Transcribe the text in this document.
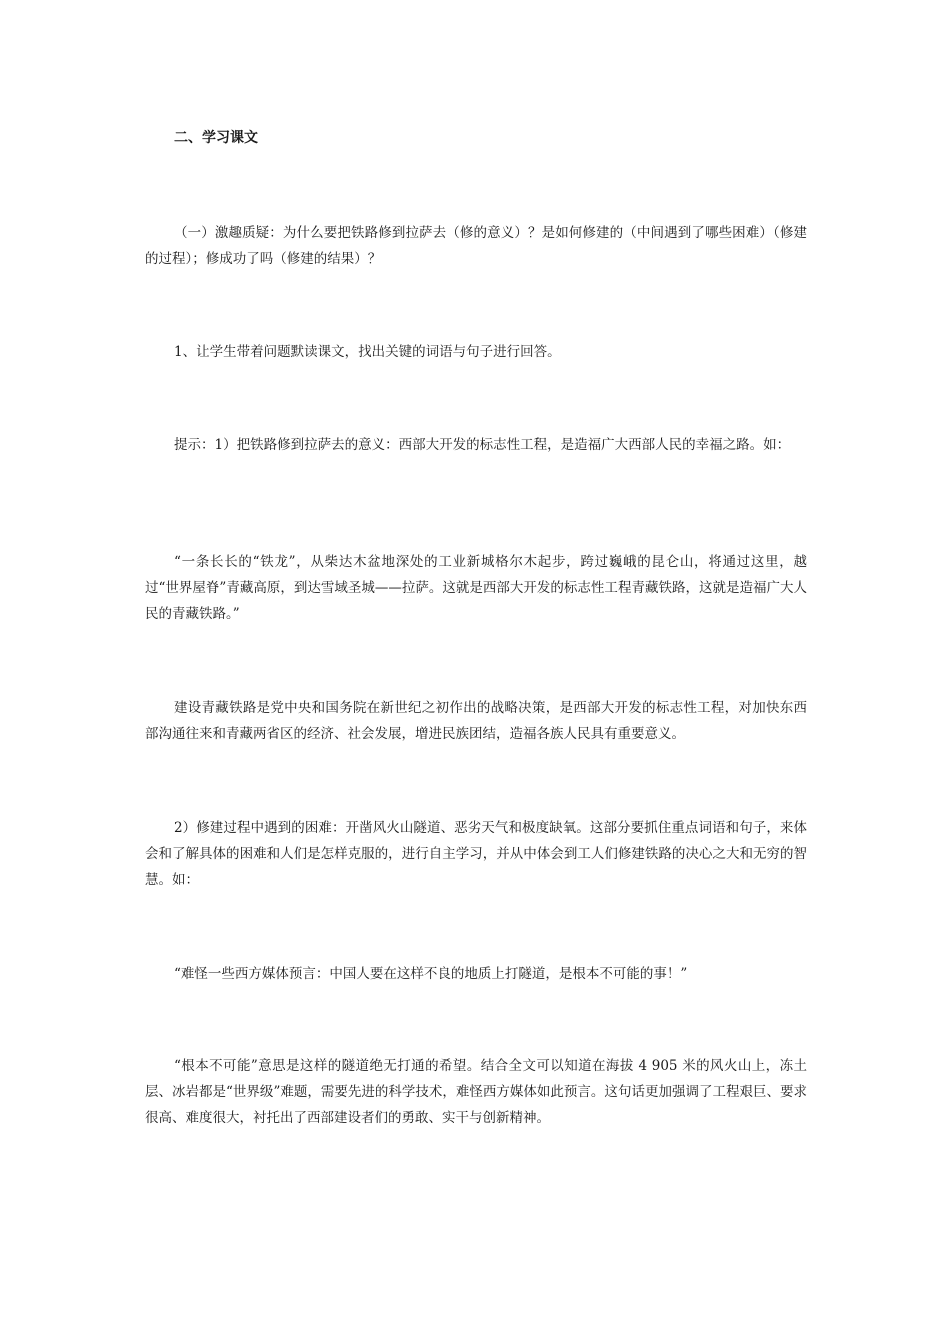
二、学习课文

（一）激趣质疑：为什么要把铁路修到拉萨去（修的意义）？是如何修建的（中间遇到了哪些困难）（修建的过程）；修成功了吗（修建的结果）？

1、让学生带着问题默读课文，找出关键的词语与句子进行回答。

提示：1）把铁路修到拉萨去的意义：西部大开发的标志性工程，是造福广大西部人民的幸福之路。如：

“一条长长的“铁龙”，从柴达木盆地深处的工业新城格尔木起步，跨过巍峨的昆仑山，将通过这里，越过“世界屋脊”青藏高原，到达雪域圣城——拉萨。这就是西部大开发的标志性工程青藏铁路，这就是造福广大人民的青藏铁路。”

建设青藏铁路是党中央和国务院在新世纪之初作出的战略决策，是西部大开发的标志性工程，对加快东西部沟通往来和青藏两省区的经济、社会发展，增进民族团结，造福各族人民具有重要意义。

2）修建过程中遇到的困难：开凿风火山隧道、恶劣天气和极度缺氧。这部分要抓住重点词语和句子，来体会和了解具体的困难和人们是怎样克服的，进行自主学习，并从中体会到工人们修建铁路的决心之大和无穷的智慧。如：

“难怪一些西方媒体预言：中国人要在这样不良的地质上打隧道，是根本不可能的事！”

“根本不可能”意思是这样的隧道绝无打通的希望。结合全文可以知道在海拔 4 905 米的风火山上，冻土层、冰岩都是“世界级”难题，需要先进的科学技术，难怪西方媒体如此预言。这句话更加强调了工程艰巨、要求很高、难度很大，衬托出了西部建设者们的勇敢、实干与创新精神。
